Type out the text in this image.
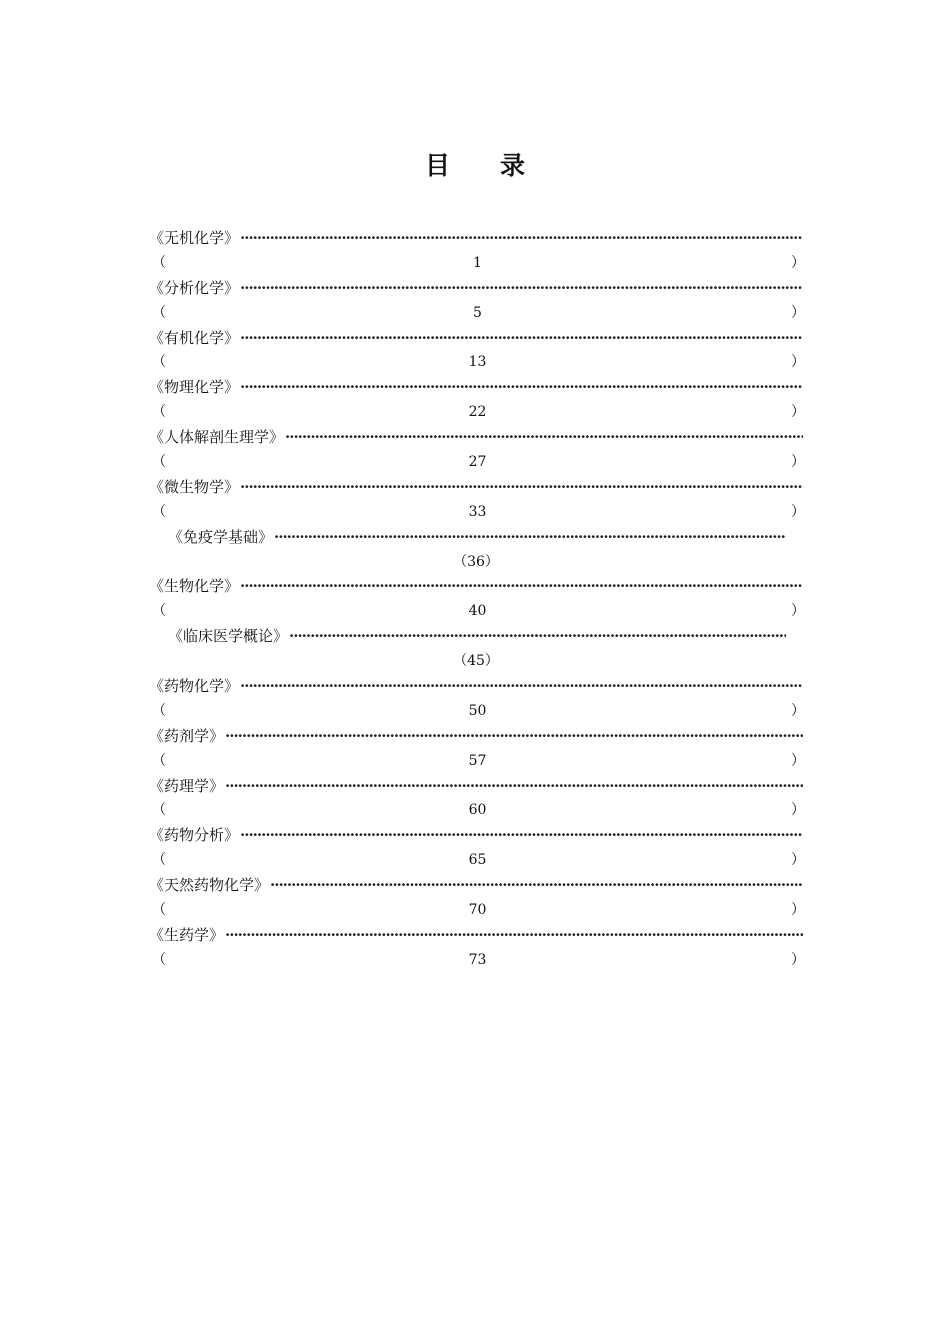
目 录
《无机化学》
·····
（	1	）
《分析化学》
·····
（	5	）
《有机化学》
·····
（	13	）
《物理化学》
·····
（	22	）
《人体解剖生理学》
·····
（	27	）
《微生物学》
·····
（	33	）
《免疫学基础》
·····
（36）
《生物化学》
·····
（	40	）
《临床医学概论》
·····
（45）
《药物化学》
·····
（	50	）
《药剂学》
·····
（	57	）
《药理学》
·····
（	60	）
《药物分析》
·····
（	65	）
《天然药物化学》
·····
（	70	）
《生药学》
·····
（	73	）
